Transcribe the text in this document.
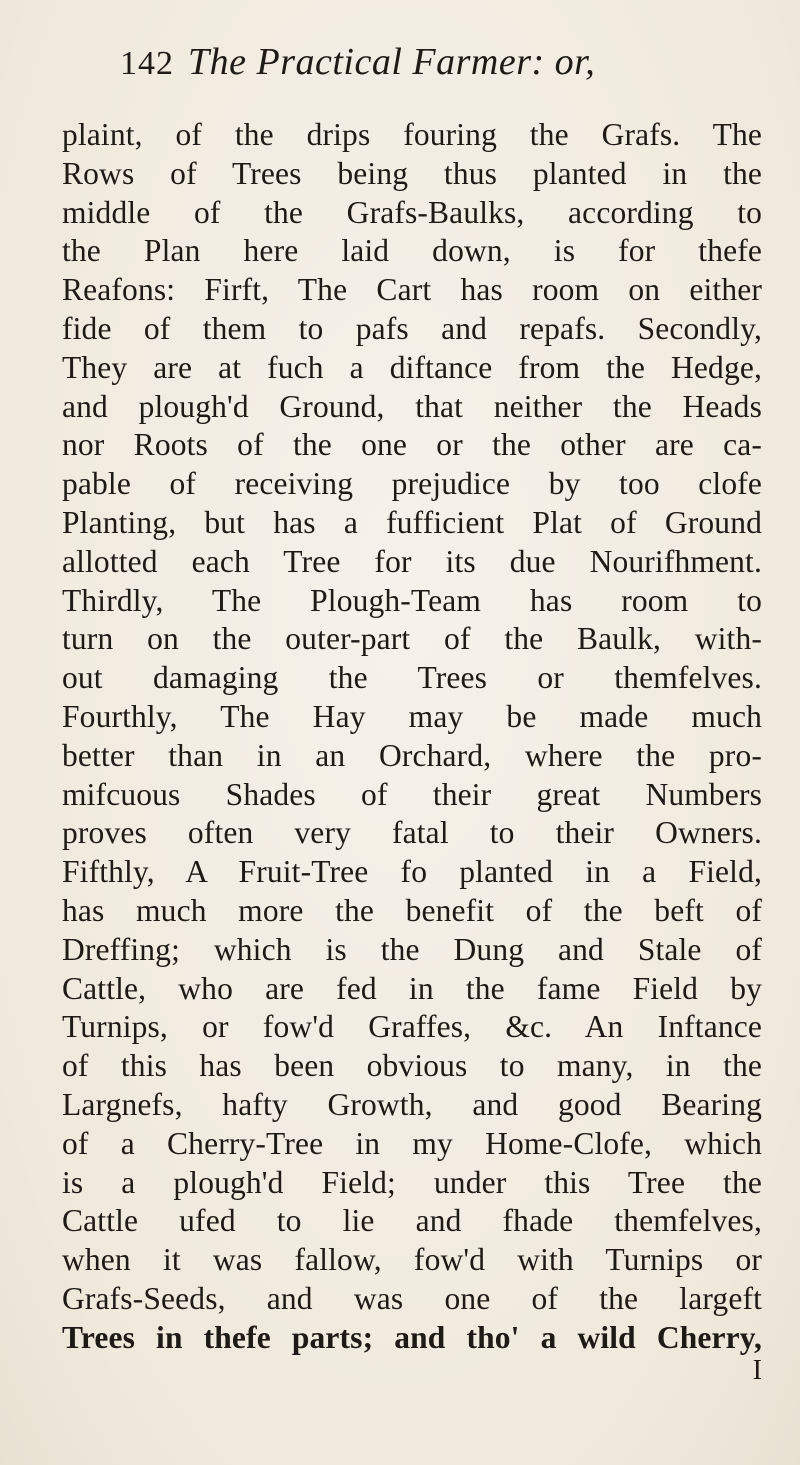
142 The Practical Farmer: or,
plaint, of the drips fouring the Grafs. The
Rows of Trees being thus planted in the
middle of the Grafs-Baulks, according to
the Plan here laid down, is for thefe
Reafons: Firft, The Cart has room on either
fide of them to pafs and repafs. Secondly,
They are at fuch a diftance from the Hedge,
and plough'd Ground, that neither the Heads
nor Roots of the one or the other are ca-
pable of receiving prejudice by too clofe
Planting, but has a fufficient Plat of Ground
allotted each Tree for its due Nourifhment.
Thirdly, The Plough-Team has room to
turn on the outer-part of the Baulk, with-
out damaging the Trees or themfelves.
Fourthly, The Hay may be made much
better than in an Orchard, where the pro-
mifcuous Shades of their great Numbers
proves often very fatal to their Owners.
Fifthly, A Fruit-Tree fo planted in a Field,
has much more the benefit of the beft of
Dreffing; which is the Dung and Stale of
Cattle, who are fed in the fame Field by
Turnips, or fow'd Graffes, &c. An Inftance
of this has been obvious to many, in the
Largnefs, hafty Growth, and good Bearing
of a Cherry-Tree in my Home-Clofe, which
is a plough'd Field; under this Tree the
Cattle ufed to lie and fhade themfelves,
when it was fallow, fow'd with Turnips or
Grafs-Seeds, and was one of the largeft
Trees in thefe parts; and tho' a wild Cherry,
I
